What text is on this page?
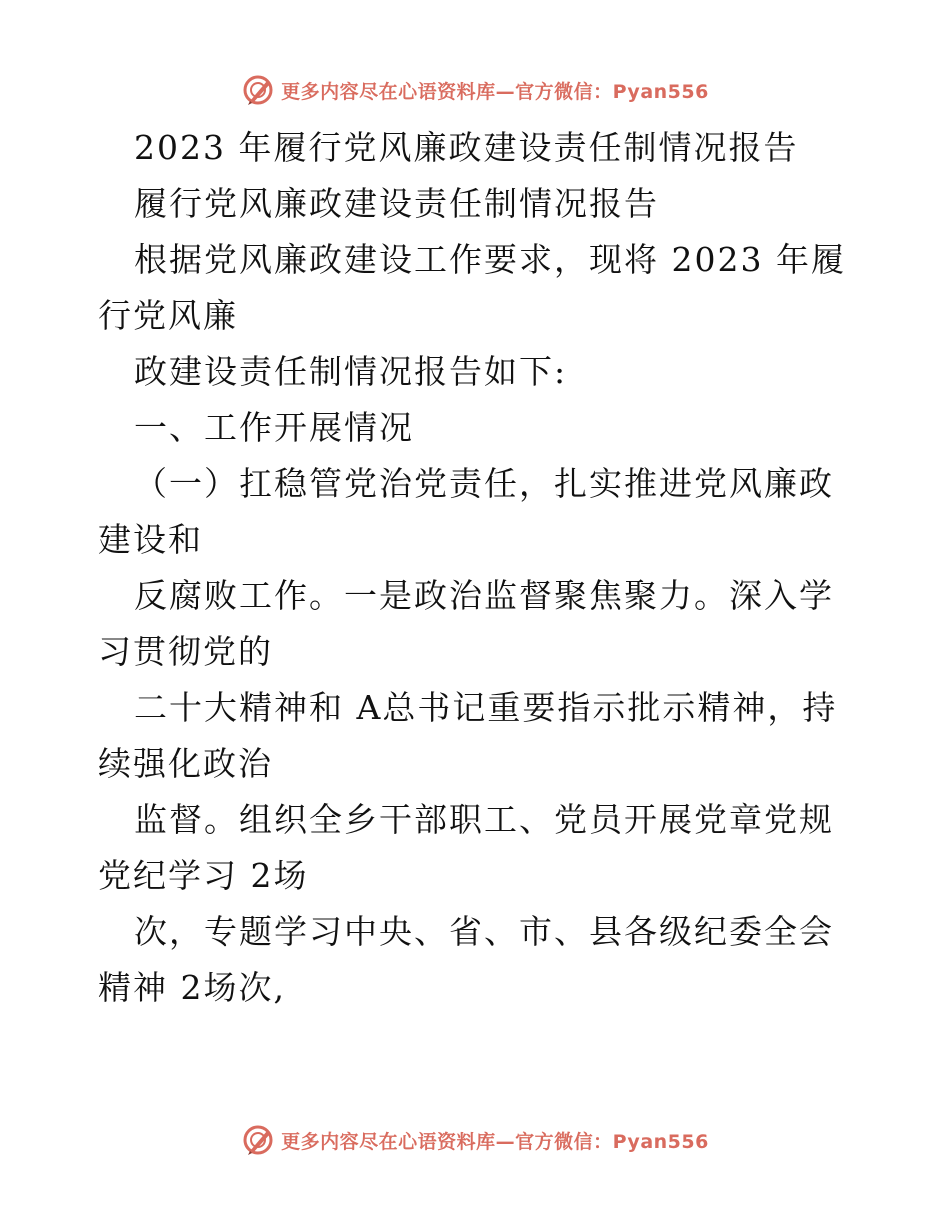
更多内容尽在心语资料库—官方微信：Pyan556

2023 年履行党风廉政建设责任制情况报告

履行党风廉政建设责任制情况报告

根据党风廉政建设工作要求，现将 2023 年履行党风廉

政建设责任制情况报告如下:

一、工作开展情况

（一）扛稳管党治党责任，扎实推进党风廉政建设和

反腐败工作。一是政治监督聚焦聚力。深入学习贯彻党的

二十大精神和 A总书记重要指示批示精神，持续强化政治

监督。组织全乡干部职工、党员开展党章党规党纪学习 2场

次，专题学习中央、省、市、县各级纪委全会精神 2场次,

更多内容尽在心语资料库—官方微信：Pyan556
